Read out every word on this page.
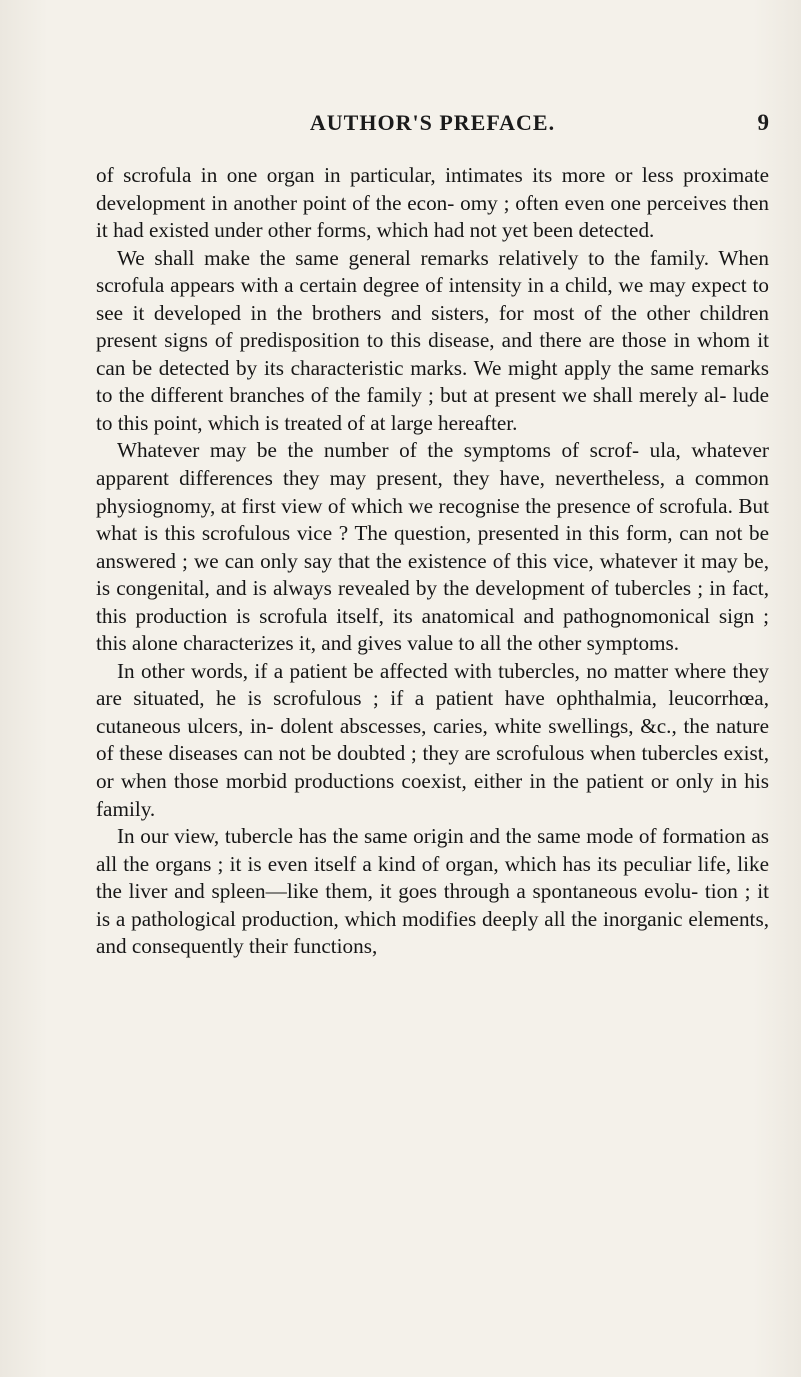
AUTHOR'S PREFACE.	9

of scrofula in one organ in particular, intimates its more or less proximate development in another point of the econ- omy ; often even one perceives then it had existed under other forms, which had not yet been detected.

We shall make the same general remarks relatively to the family. When scrofula appears with a certain degree of intensity in a child, we may expect to see it developed in the brothers and sisters, for most of the other children present signs of predisposition to this disease, and there are those in whom it can be detected by its characteristic marks. We might apply the same remarks to the different branches of the family ; but at present we shall merely al- lude to this point, which is treated of at large hereafter.

Whatever may be the number of the symptoms of scrof- ula, whatever apparent differences they may present, they have, nevertheless, a common physiognomy, at first view of which we recognise the presence of scrofula. But what is this scrofulous vice ? The question, presented in this form, can not be answered ; we can only say that the existence of this vice, whatever it may be, is congenital, and is always revealed by the development of tubercles ; in fact, this production is scrofula itself, its anatomical and pathognomonical sign ; this alone characterizes it, and gives value to all the other symptoms.

In other words, if a patient be affected with tubercles, no matter where they are situated, he is scrofulous ; if a patient have ophthalmia, leucorrhœa, cutaneous ulcers, in- dolent abscesses, caries, white swellings, &c., the nature of these diseases can not be doubted ; they are scrofulous when tubercles exist, or when those morbid productions coexist, either in the patient or only in his family.

In our view, tubercle has the same origin and the same mode of formation as all the organs ; it is even itself a kind of organ, which has its peculiar life, like the liver and spleen—like them, it goes through a spontaneous evolu- tion ; it is a pathological production, which modifies deeply all the inorganic elements, and consequently their functions,
